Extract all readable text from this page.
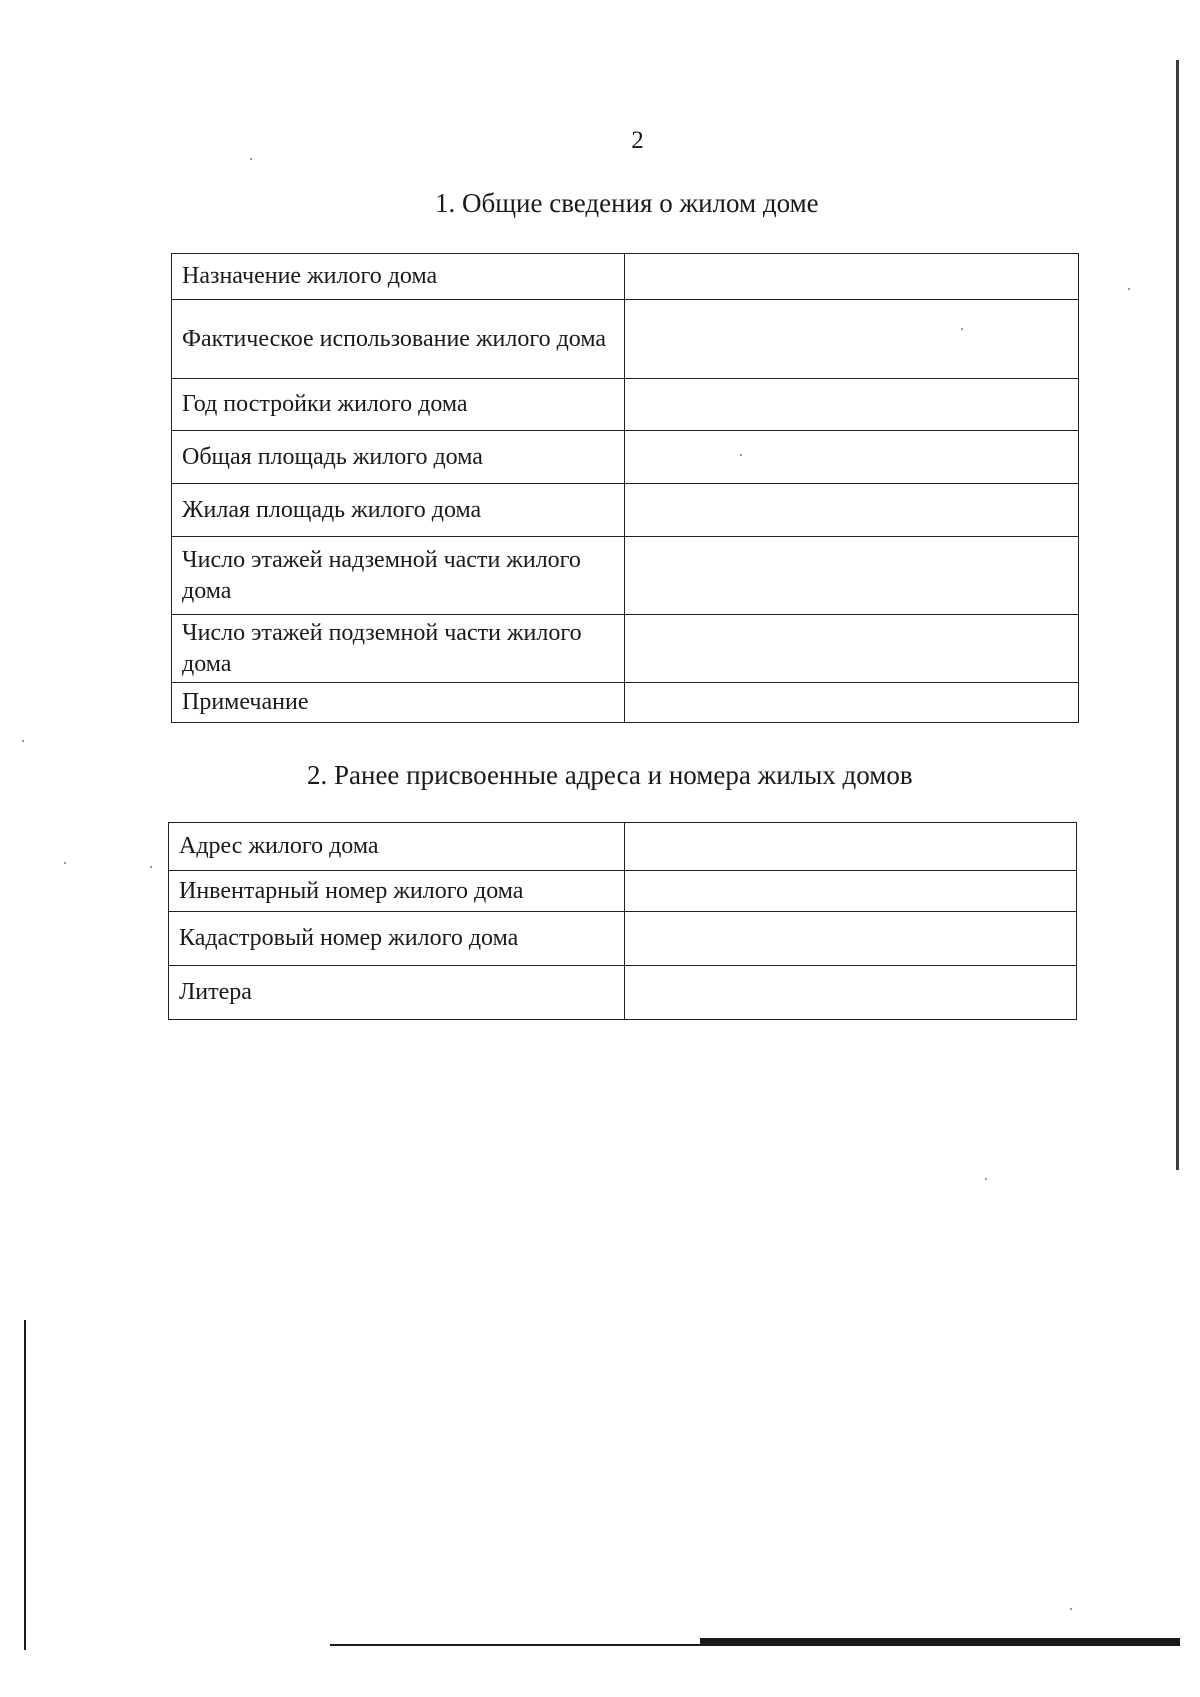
2
1. Общие сведения о жилом доме
Назначение жилого дома	
Фактическое использование жилого дома	
Год постройки жилого дома	
Общая площадь жилого дома	
Жилая площадь жилого дома	
Число этажей надземной части жилого дома	
Число этажей подземной части жилого дома	
Примечание	
2. Ранее присвоенные адреса и номера жилых домов
Адрес жилого дома	
Инвентарный номер жилого дома	
Кадастровый номер жилого дома	
Литера	
